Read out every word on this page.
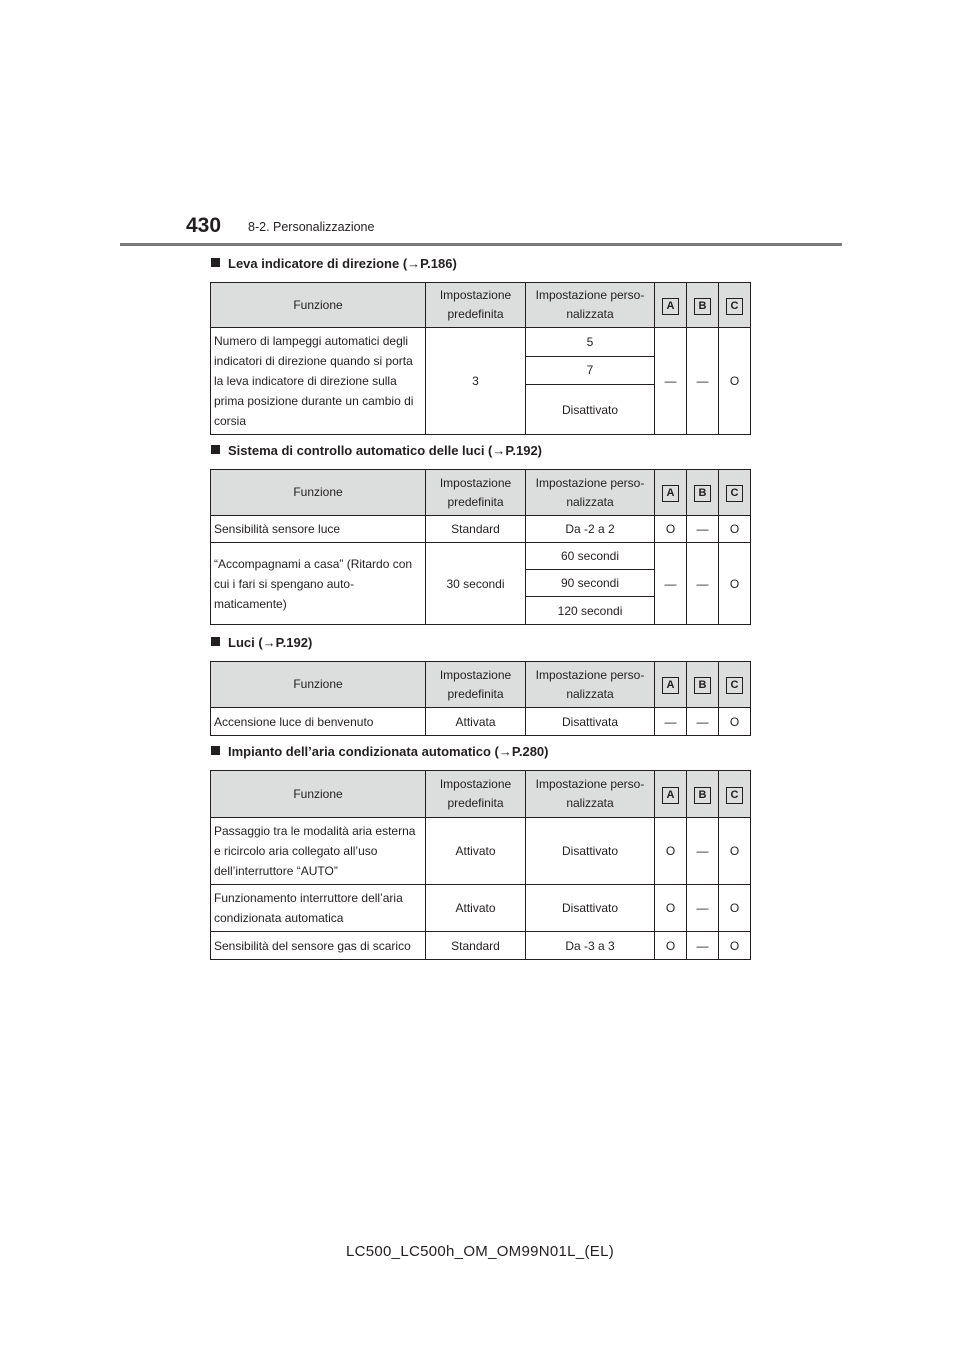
430 8-2. Personalizzazione
Leva indicatore di direzione (→P.186)
Funzione	Impostazione predefinita	Impostazione perso-nalizzata	A	B	C
Numero di lampeggi automatici degli indicatori di direzione quando si porta la leva indicatore di direzione sulla prima posizione durante un cambio di corsia	3	5	—	—	O
		7			
		Disattivato			
Sistema di controllo automatico delle luci (→P.192)
Funzione	Impostazione predefinita	Impostazione perso-nalizzata	A	B	C
Sensibilità sensore luce	Standard	Da -2 a 2	O	—	O
“Accompagnami a casa” (Ritardo con cui i fari si spengano auto-maticamente)	30 secondi	60 secondi	—	—	O
		90 secondi			
		120 secondi			
Luci (→P.192)
Funzione	Impostazione predefinita	Impostazione perso-nalizzata	A	B	C
Accensione luce di benvenuto	Attivata	Disattivata	—	—	O
Impianto dell’aria condizionata automatico (→P.280)
Funzione	Impostazione predefinita	Impostazione perso-nalizzata	A	B	C
Passaggio tra le modalità aria esterna e ricircolo aria collegato all’uso dell’interruttore “AUTO”	Attivato	Disattivato	O	—	O
Funzionamento interruttore dell’aria condizionata automatica	Attivato	Disattivato	O	—	O
Sensibilità del sensore gas di scarico	Standard	Da -3 a 3	O	—	O
LC500_LC500h_OM_OM99N01L_(EL)
